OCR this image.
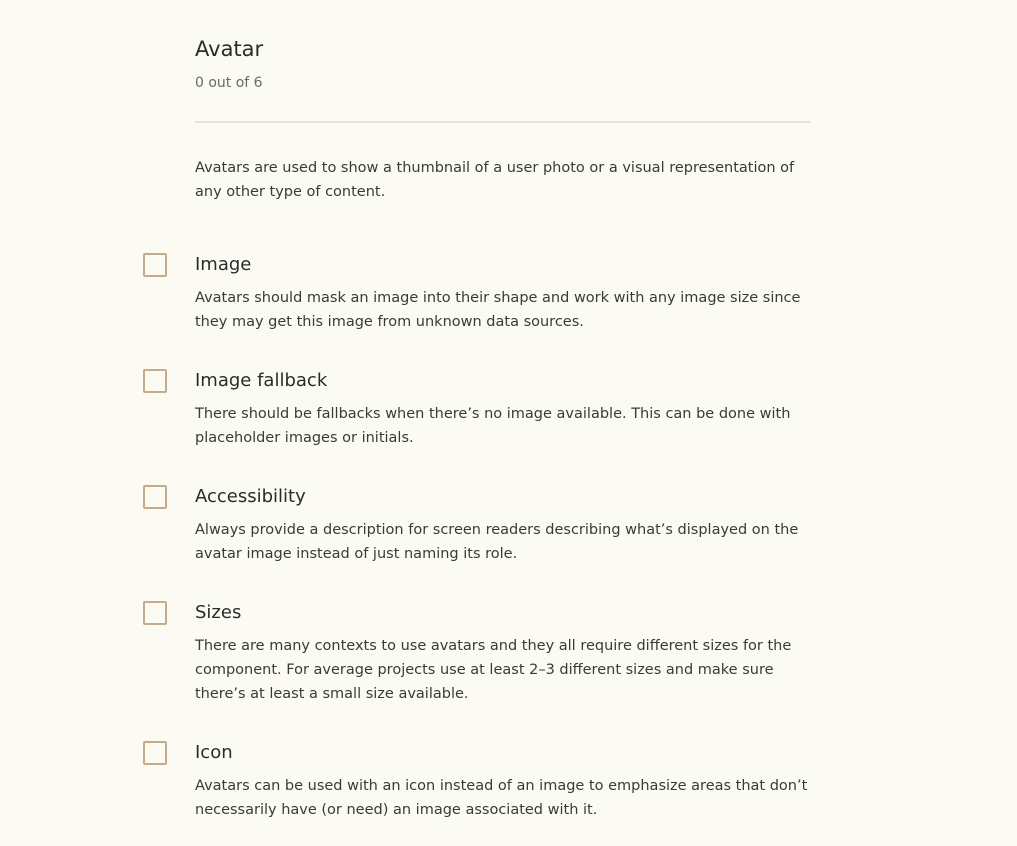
Avatar
0 out of 6

Avatars are used to show a thumbnail of a user photo or a visual representation of any other type of content.

Image

Avatars should mask an image into their shape and work with any image size since they may get this image from unknown data sources.

Image fallback

There should be fallbacks when there’s no image available. This can be done with placeholder images or initials.

Accessibility

Always provide a description for screen readers describing what’s displayed on the avatar image instead of just naming its role.

Sizes

There are many contexts to use avatars and they all require different sizes for the component. For average projects use at least 2–3 different sizes and make sure there’s at least a small size available.

Icon

Avatars can be used with an icon instead of an image to emphasize areas that don’t necessarily have (or need) an image associated with it.
